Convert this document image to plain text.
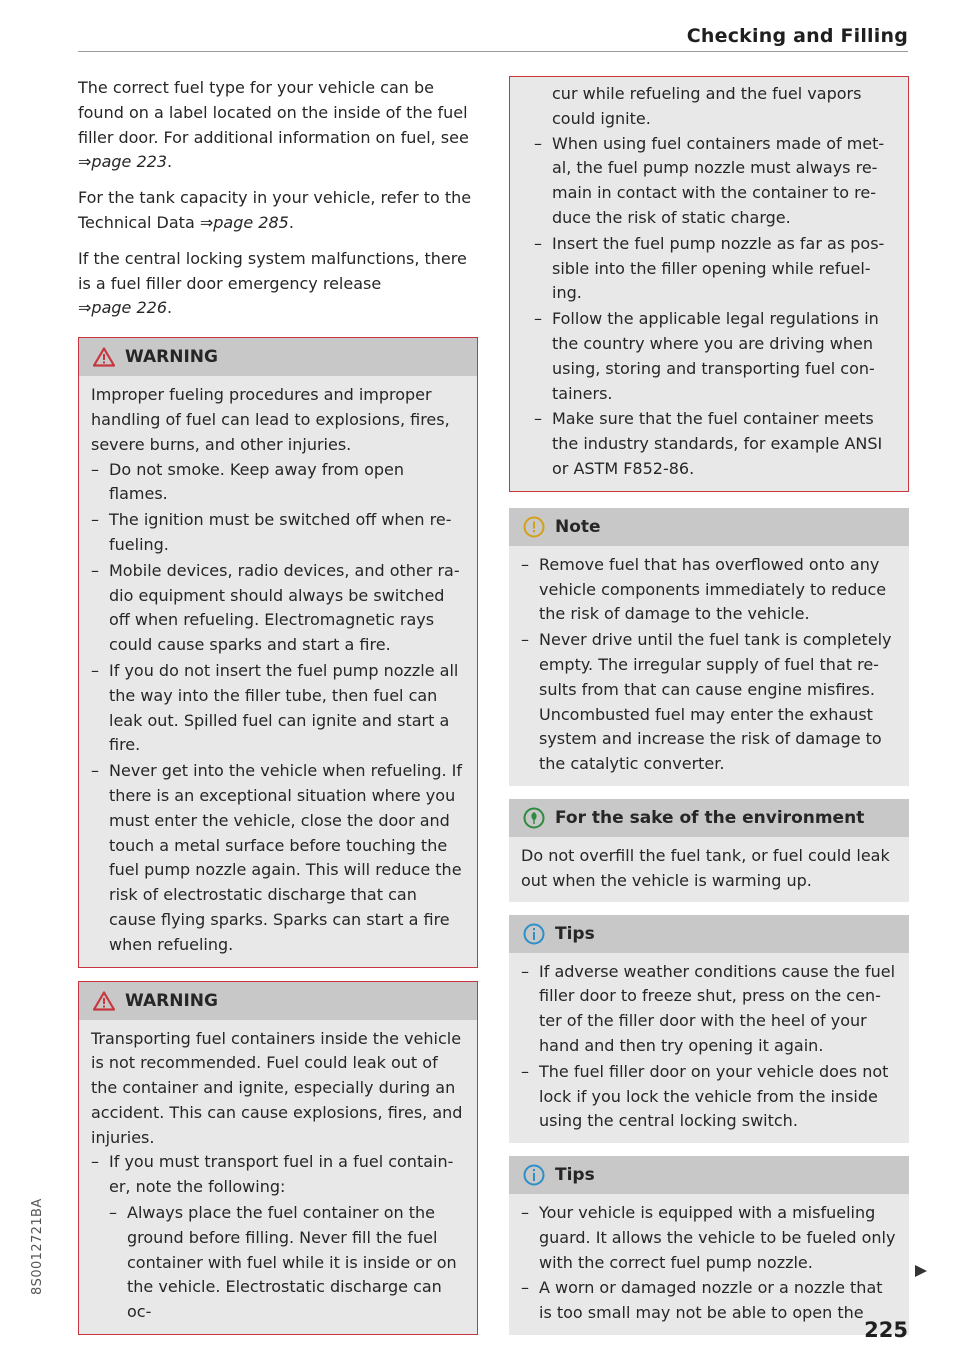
Checking and Filling

The correct fuel type for your vehicle can be found on a label located on the inside of the fuel filler door. For additional information on fuel, see ⇒page 223.

For the tank capacity in your vehicle, refer to the Technical Data ⇒page 285.

If the central locking system malfunctions, there is a fuel filler door emergency release ⇒page 226.

WARNING

Improper fueling procedures and improper handling of fuel can lead to explosions, fires, severe burns, and other injuries.

– Do not smoke. Keep away from open flames.
– The ignition must be switched off when re-fueling.
– Mobile devices, radio devices, and other ra-dio equipment should always be switched off when refueling. Electromagnetic rays could cause sparks and start a fire.
– If you do not insert the fuel pump nozzle all the way into the filler tube, then fuel can leak out. Spilled fuel can ignite and start a fire.
– Never get into the vehicle when refueling. If there is an exceptional situation where you must enter the vehicle, close the door and touch a metal surface before touching the fuel pump nozzle again. This will reduce the risk of electrostatic discharge that can cause flying sparks. Sparks can start a fire when refueling.
WARNING

Transporting fuel containers inside the vehicle is not recommended. Fuel could leak out of the container and ignite, especially during an accident. This can cause explosions, fires, and injuries.

– If you must transport fuel in a fuel contain-er, note the following:
– Always place the fuel container on the ground before filling. Never fill the fuel container with fuel while it is inside or on the vehicle. Electrostatic discharge can oc-

cur while refueling and the fuel vapors could ignite.

– When using fuel containers made of met-al, the fuel pump nozzle must always re-main in contact with the container to re-duce the risk of static charge.
– Insert the fuel pump nozzle as far as pos-sible into the filler opening while refuel-ing.
– Follow the applicable legal regulations in the country where you are driving when using, storing and transporting fuel con-tainers.
– Make sure that the fuel container meets the industry standards, for example ANSI or ASTM F852-86.
Note
– Remove fuel that has overflowed onto any vehicle components immediately to reduce the risk of damage to the vehicle.
– Never drive until the fuel tank is completely empty. The irregular supply of fuel that re-sults from that can cause engine misfires. Uncombusted fuel may enter the exhaust system and increase the risk of damage to the catalytic converter.
For the sake of the environment

Do not overfill the fuel tank, or fuel could leak out when the vehicle is warming up.

Tips
– If adverse weather conditions cause the fuel filler door to freeze shut, press on the cen-ter of the filler door with the heel of your hand and then try opening it again.
– The fuel filler door on your vehicle does not lock if you lock the vehicle from the inside using the central locking switch.
Tips
– Your vehicle is equipped with a misfueling guard. It allows the vehicle to be fueled only with the correct fuel pump nozzle.
– A worn or damaged nozzle or a nozzle that is too small may not be able to open the
8S0012721BA
225
